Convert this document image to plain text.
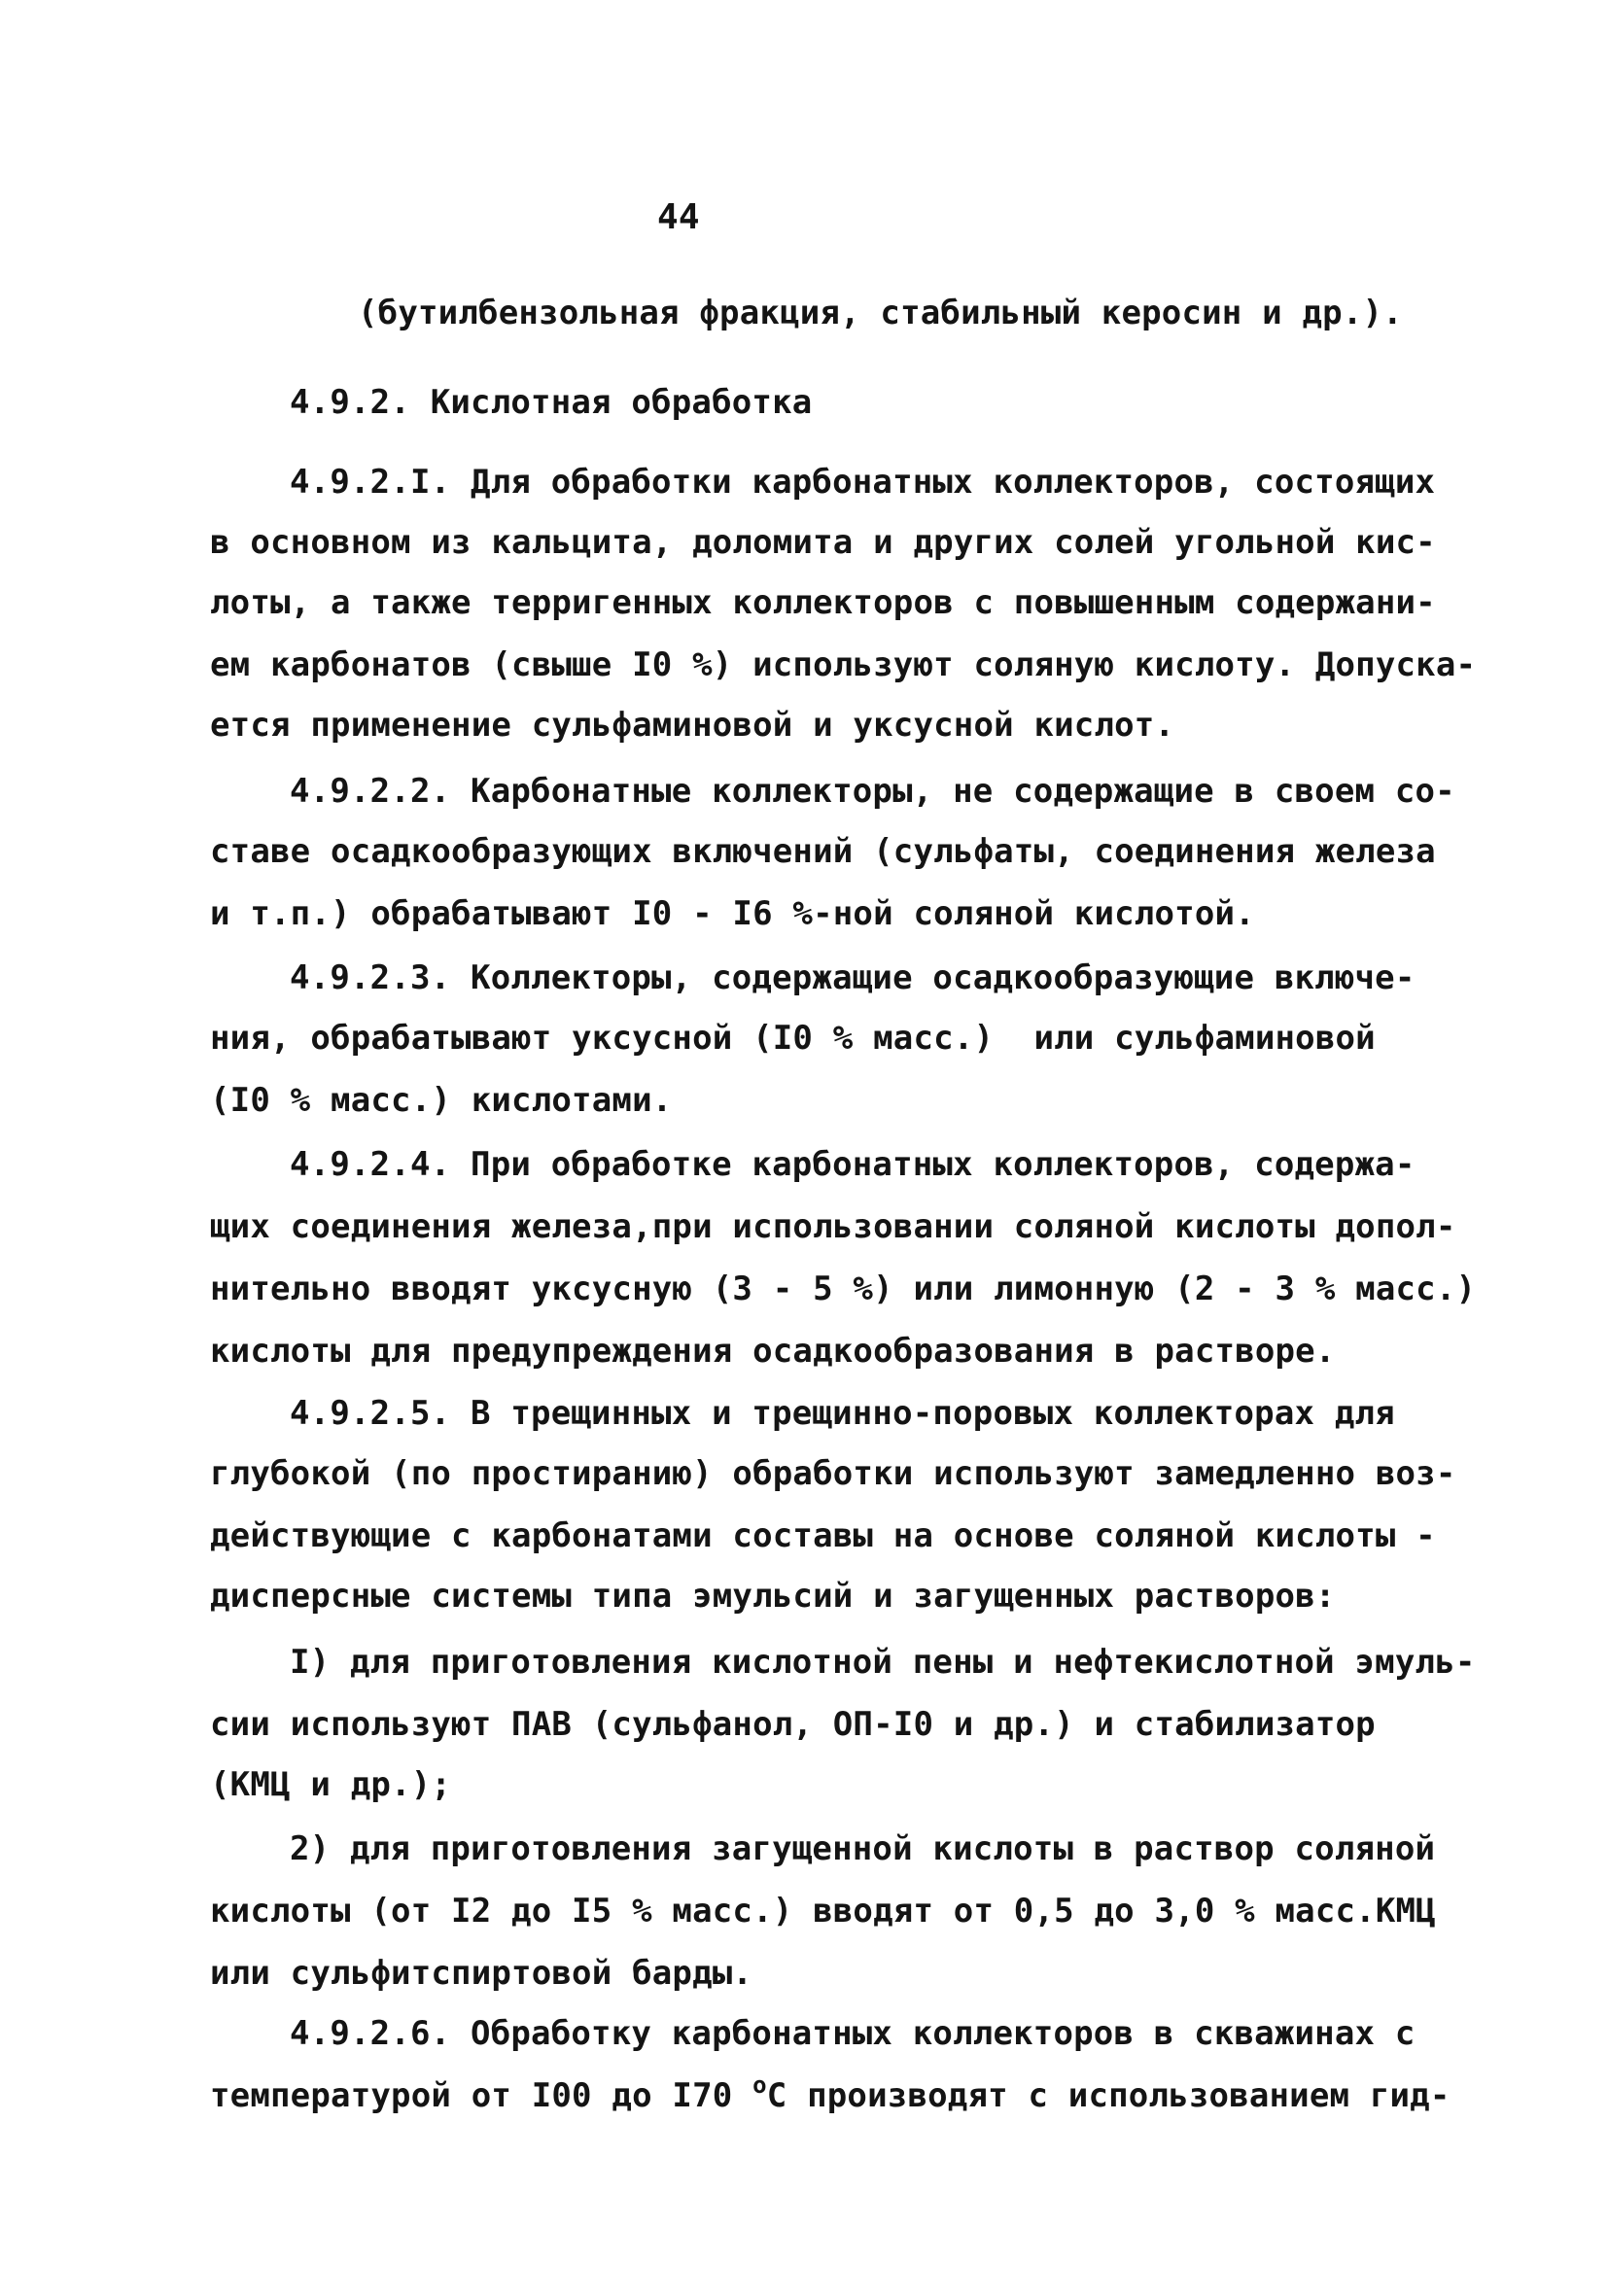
44
(бутилбензольная фракция, стабильный керосин и др.).
4.9.2. Кислотная обработка
4.9.2.I. Для обработки карбонатных коллекторов, состоящих
в основном из кальцита, доломита и других солей угольной кис-
лоты, а также терригенных коллекторов с повышенным содержани-
ем карбонатов (свыше I0 %) используют соляную кислоту. Допуска-
ется применение сульфаминовой и уксусной кислот.
4.9.2.2. Карбонатные коллекторы, не содержащие в своем со-
ставе осадкообразующих включений (сульфаты, соединения железа
и т.п.) обрабатывают I0 - I6 %-ной соляной кислотой.
4.9.2.3. Коллекторы, содержащие осадкообразующие включе-
ния, обрабатывают уксусной (I0 % масс.)  или сульфаминовой
(I0 % масс.) кислотами.
4.9.2.4. При обработке карбонатных коллекторов, содержа-
щих соединения железа,при использовании соляной кислоты допол-
нительно вводят уксусную (3 - 5 %) или лимонную (2 - 3 % масс.)
кислоты для предупреждения осадкообразования в растворе.
4.9.2.5. В трещинных и трещинно-поровых коллекторах для
глубокой (по простиранию) обработки используют замедленно воз-
действующие с карбонатами составы на основе соляной кислоты -
дисперсные системы типа эмульсий и загущенных растворов:
I) для приготовления кислотной пены и нефтекислотной эмуль-
сии используют ПАВ (сульфанол, ОП-I0 и др.) и стабилизатор
(КМЦ и др.);
2) для приготовления загущенной кислоты в раствор соляной
кислоты (от I2 до I5 % масс.) вводят от 0,5 до 3,0 % масс.КМЦ
или сульфитспиртовой барды.
4.9.2.6. Обработку карбонатных коллекторов в скважинах с
температурой от I00 до I70 $^о$С производят с использованием гид-
